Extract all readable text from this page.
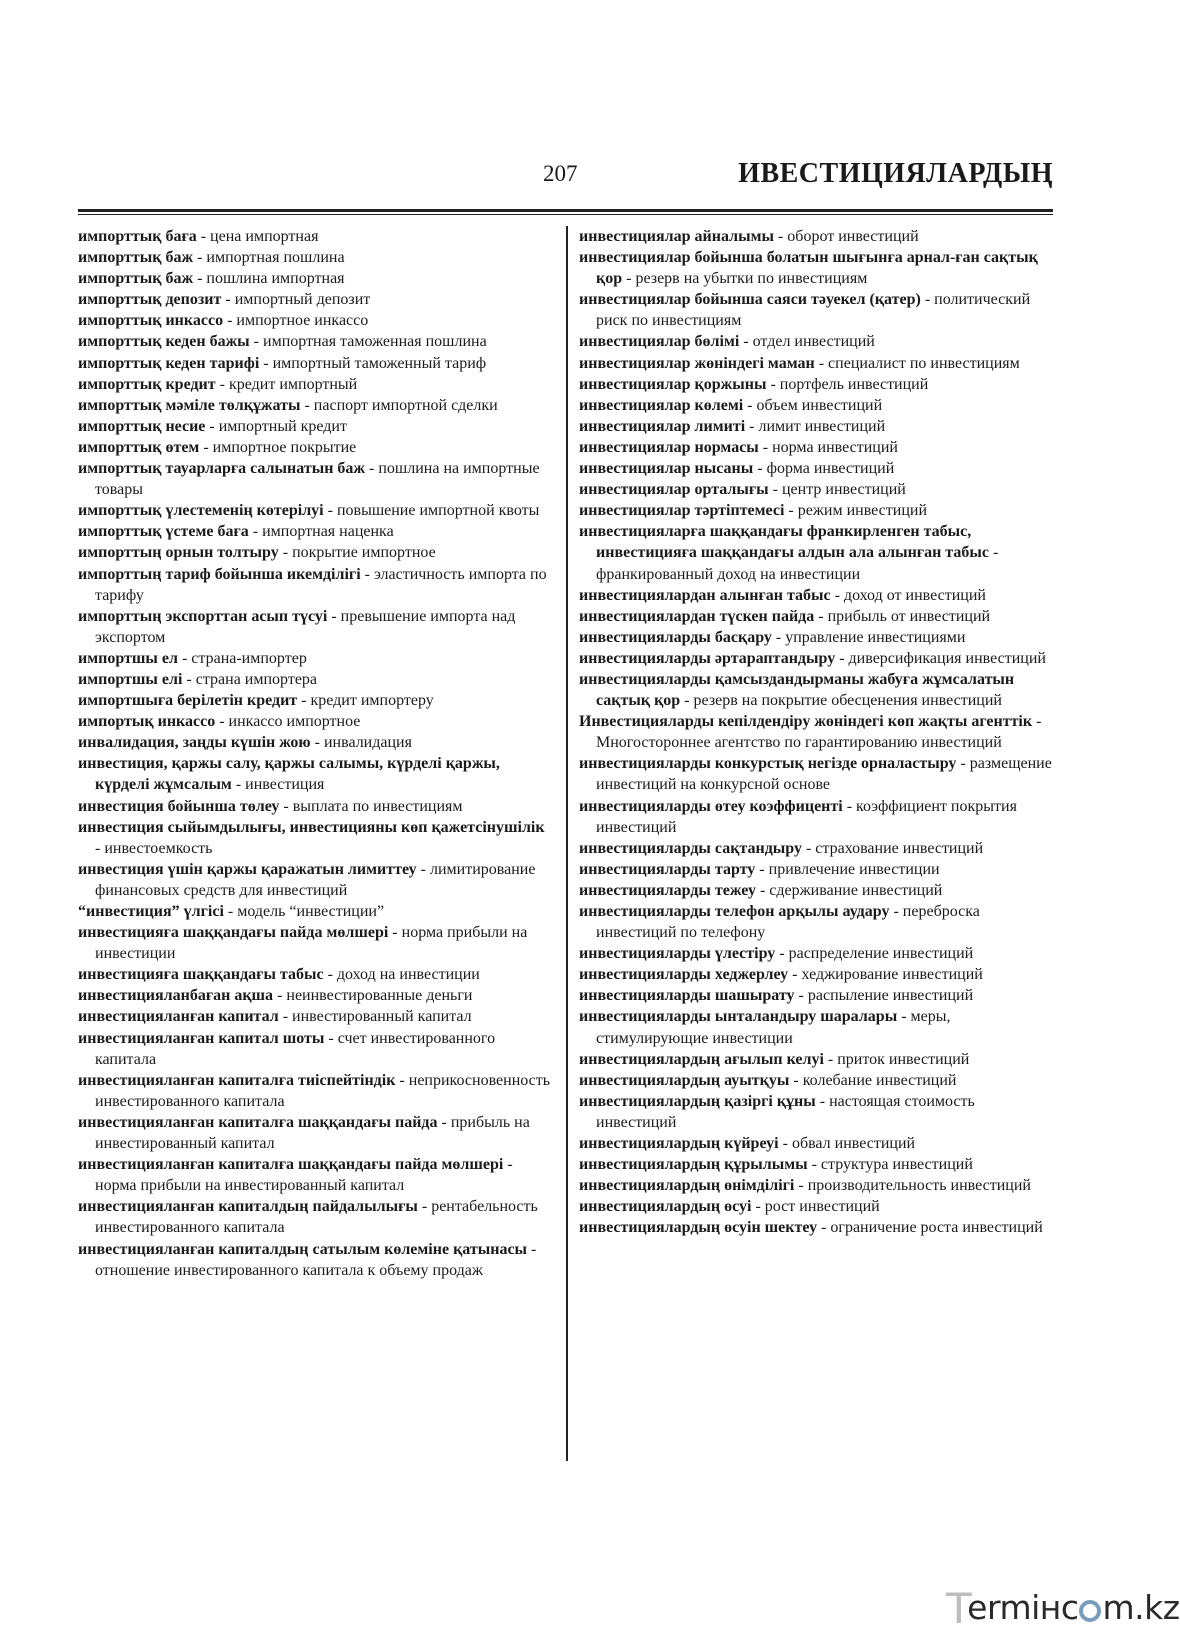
207	ИВЕСТИЦИЯЛАРДЫҢ
импорттық баға - цена импортная
импорттық баж - импортная пошлина
импорттық баж - пошлина импортная
импорттық депозит - импортный депозит
импорттық инкассо - импортное инкассо
импорттық кеден бажы - импортная таможенная пошлина
импорттық кеден тарифі - импортный таможенный тариф
импорттық кредит - кредит импортный
импорттық мәміле төлқұжаты - паспорт импортной сделки
импорттық несие - импортный кредит
импорттық өтем - импортное покрытие
импорттық тауарларға салынатын баж - пошлина на импортные товары
импорттық үлестеменің көтерілуі - повышение импортной квоты
импорттық үстеме баға - импортная наценка
импорттың орнын толтыру - покрытие импортное
импорттың тариф бойынша икемділігі - эластичность импорта по тарифу
импорттың экспорттан асып түсуі - превышение импорта над экспортом
импортшы ел - страна-импортер
импортшы елі - страна импортера
импортшыға берілетін кредит - кредит импортеру
импортық инкассо - инкассо импортное
инвалидация, заңды күшін жою - инвалидация
инвестиция, қаржы салу, қаржы салымы, күрделі қаржы, күрделі жұмсалым - инвестиция
инвестиция бойынша төлеу - выплата по инвестициям
инвестиция сыйымдылығы, инвестицияны көп қажетсінушілік - инвестоемкость
инвестиция үшін қаржы қаражатын лимиттеу - лимитирование финансовых средств для инвестиций
“инвестиция” үлгісі - модель “инвестиции”
инвестицияға шаққандағы пайда мөлшері - норма прибыли на инвестиции
инвестицияға шаққандағы табыс - доход на инвестиции
инвестицияланбаған ақша - неинвестированные деньги
инвестицияланған капитал - инвестированный капитал
инвестицияланған капитал шоты - счет инвестированного капитала
инвестицияланған капиталға тиіспейтіндік - неприкосновенность инвестированного капитала
инвестицияланған капиталға шаққандағы пайда - прибыль на инвестированный капитал
инвестицияланған капиталға шаққандағы пайда мөлшері - норма прибыли на инвестированный капитал
инвестицияланған капиталдың пайдалылығы - рентабельность инвестированного капитала
инвестицияланған капиталдың сатылым көлеміне қатынасы - отношение инвестированного капитала к объему продаж
инвестициялар айналымы - оборот инвестиций
инвестициялар бойынша болатын шығынға арнал-ған сақтық қор - резерв на убытки по инвестициям
инвестициялар бойынша саяси тәуекел (қатер) - политический риск по инвестициям
инвестициялар бөлімі - отдел инвестиций
инвестициялар жөніндегі маман - специалист по инвестициям
инвестициялар қоржыны - портфель инвестиций
инвестициялар көлемі - объем инвестиций
инвестициялар лимиті - лимит инвестиций
инвестициялар нормасы - норма инвестиций
инвестициялар нысаны - форма инвестиций
инвестициялар орталығы - центр инвестиций
инвестициялар тәртіптемесі - режим инвестиций
инвестицияларға шаққандағы франкирленген табыс, инвестицияға шаққандағы алдын ала алынған табыс - франкированный доход на инвестиции
инвестициялардан алынған табыс - доход от инвестиций
инвестициялардан түскен пайда - прибыль от инвестиций
инвестицияларды басқару - управление инвестициями
инвестицияларды әртараптандыру - диверсификация инвестиций
инвестицияларды қамсыздандырманы жабуға жұмсалатын сақтық қор - резерв на покрытие обесценения инвестиций
Инвестицияларды кепілдендіру жөніндегі көп жақты агенттік - Многостороннее агентство по гарантированию инвестиций
инвестицияларды конкурстық негізде орналастыру - размещение инвестиций на конкурсной основе
инвестицияларды өтеу коэффиценті - коэффициент покрытия инвестиций
инвестицияларды сақтандыру - страхование инвестиций
инвестицияларды тарту - привлечение инвестиции
инвестицияларды тежеу - сдерживание инвестиций
инвестицияларды телефон арқылы аудару - переброска инвестиций по телефону
инвестицияларды үлестіру - распределение инвестиций
инвестицияларды хеджерлеу - хеджирование инвестиций
инвестицияларды шашырату - распыление инвестиций
инвестицияларды ынталандыру шаралары - меры, стимулирующие инвестиции
инвестициялардың ағылып келуі - приток инвестиций
инвестициялардың ауытқуы - колебание инвестиций
инвестициялардың қазіргі құны - настоящая стоимость инвестиций
инвестициялардың күйреуі - обвал инвестиций
инвестициялардың құрылымы - структура инвестиций
инвестициялардың өнімділігі - производительность инвестиций
инвестициялардың өсуі - рост инвестиций
инвестициялардың өсуін шектеу - ограничение роста инвестиций
Termінc m.kz
